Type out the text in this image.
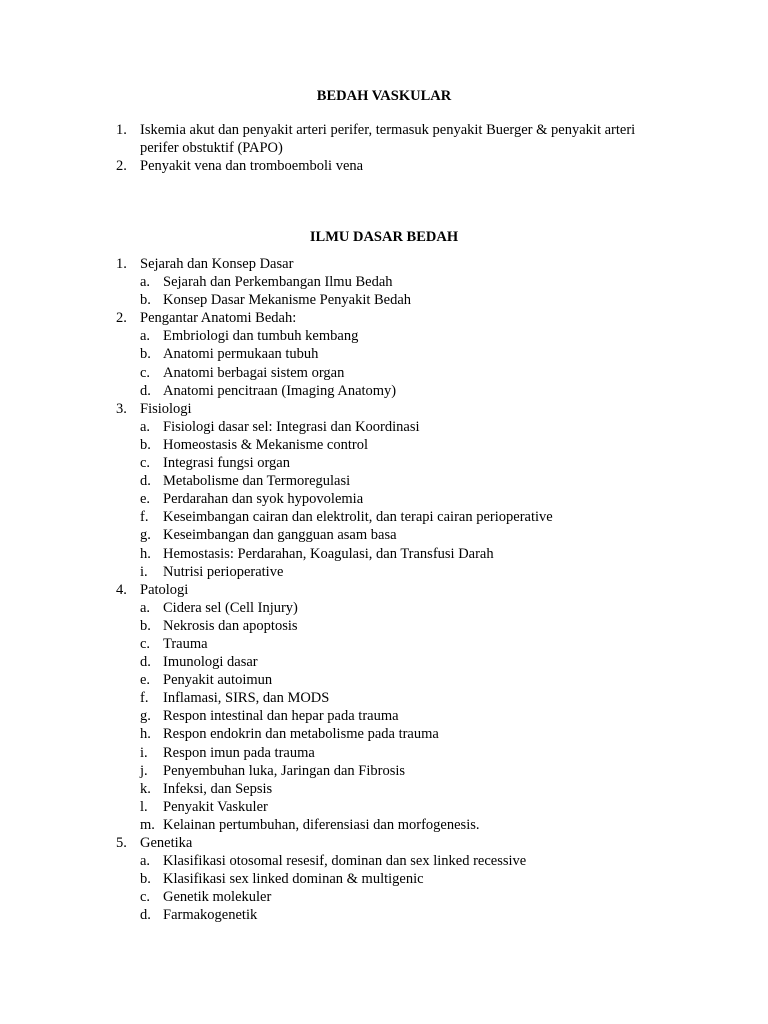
BEDAH VASKULAR
1. Iskemia akut dan penyakit arteri perifer, termasuk penyakit Buerger & penyakit arteri
perifer obstuktif (PAPO)
2. Penyakit vena dan tromboemboli vena
ILMU DASAR BEDAH
1. Sejarah dan Konsep Dasar
a. Sejarah dan Perkembangan Ilmu Bedah
b. Konsep Dasar Mekanisme Penyakit Bedah
2. Pengantar Anatomi Bedah:
a. Embriologi dan tumbuh kembang
b. Anatomi permukaan tubuh
c. Anatomi berbagai sistem organ
d. Anatomi pencitraan (Imaging Anatomy)
3. Fisiologi
a. Fisiologi dasar sel: Integrasi dan Koordinasi
b. Homeostasis & Mekanisme control
c. Integrasi fungsi organ
d. Metabolisme dan Termoregulasi
e. Perdarahan dan syok hypovolemia
f. Keseimbangan cairan dan elektrolit, dan terapi cairan perioperative
g. Keseimbangan dan gangguan asam basa
h. Hemostasis: Perdarahan, Koagulasi, dan Transfusi Darah
i. Nutrisi perioperative
4. Patologi
a. Cidera sel (Cell Injury)
b. Nekrosis dan apoptosis
c. Trauma
d. Imunologi dasar
e. Penyakit autoimun
f. Inflamasi, SIRS, dan MODS
g. Respon intestinal dan hepar pada trauma
h. Respon endokrin dan metabolisme pada trauma
i. Respon imun pada trauma
j. Penyembuhan luka, Jaringan dan Fibrosis
k. Infeksi, dan Sepsis
l. Penyakit Vaskuler
m. Kelainan pertumbuhan, diferensiasi dan morfogenesis.
5. Genetika
a. Klasifikasi otosomal resesif, dominan dan sex linked recessive
b. Klasifikasi sex linked dominan & multigenic
c. Genetik molekuler
d. Farmakogenetik
